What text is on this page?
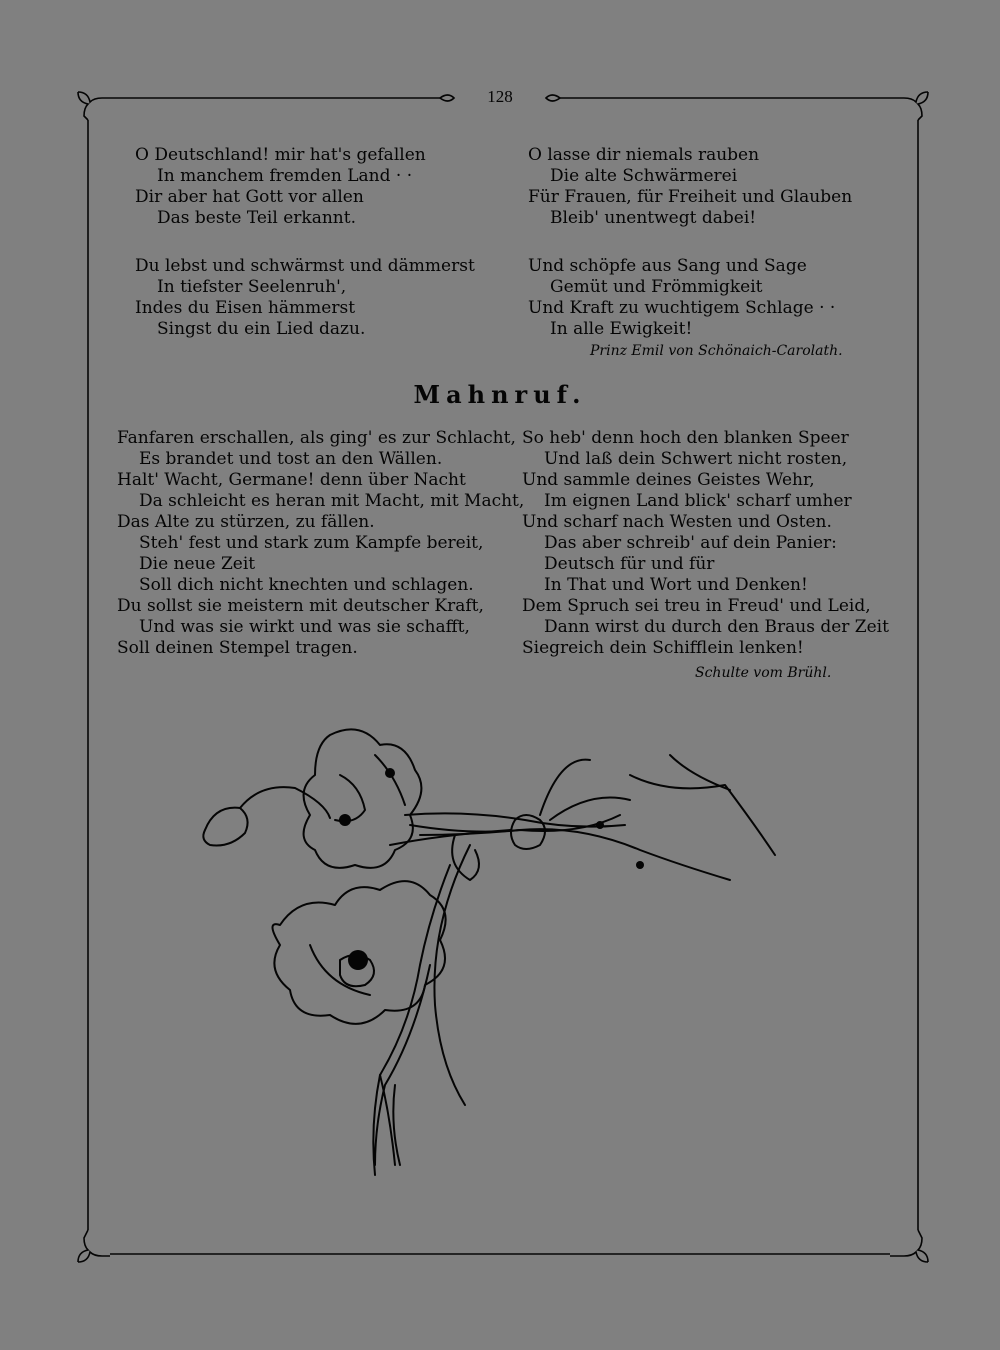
128
O Deutschland! mir hat's gefallen
In manchem fremden Land · ·
Dir aber hat Gott vor allen
Das beste Teil erkannt.
Du lebst und schwärmst und dämmerst
In tiefster Seelenruh',
Indes du Eisen hämmerst
Singst du ein Lied dazu.
O lasse dir niemals rauben
Die alte Schwärmerei
Für Frauen, für Freiheit und Glauben
Bleib' unentwegt dabei!
Und schöpfe aus Sang und Sage
Gemüt und Frömmigkeit
Und Kraft zu wuchtigem Schlage · ·
In alle Ewigkeit!
Prinz Emil von Schönaich-Carolath.
Mahnruf.
Fanfaren erschallen, als ging' es zur Schlacht,
Es brandet und tost an den Wällen.
Halt' Wacht, Germane! denn über Nacht
Da schleicht es heran mit Macht, mit Macht,
Das Alte zu stürzen, zu fällen.
Steh' fest und stark zum Kampfe bereit,
Die neue Zeit
Soll dich nicht knechten und schlagen.
Du sollst sie meistern mit deutscher Kraft,
Und was sie wirkt und was sie schafft,
Soll deinen Stempel tragen.
So heb' denn hoch den blanken Speer
Und laß dein Schwert nicht rosten,
Und sammle deines Geistes Wehr,
Im eignen Land blick' scharf umher
Und scharf nach Westen und Osten.
Das aber schreib' auf dein Panier:
Deutsch für und für
In That und Wort und Denken!
Dem Spruch sei treu in Freud' und Leid,
Dann wirst du durch den Braus der Zeit
Siegreich dein Schifflein lenken!
Schulte vom Brühl.
